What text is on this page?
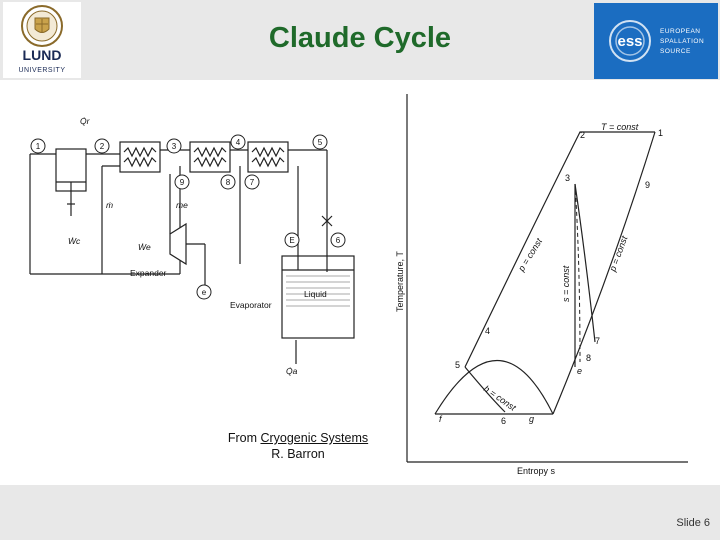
LUND
UNIVERSITY
Claude Cycle	ess
EUROPEAN
SPALLATION
SOURCE
1	2	3	4	5
9	8 7
E	6
e
Expander
Evaporator
Liquid
Q̇r
Ẇc
Ẇe
Q̇a
ṁ	ṁe
1
2
3
4
5
6
7
8
9
e
f	g
T = const
p = const	p = const
s = const
h = const
Entropy s
Temperature, T
From Cryogenic Systems
R. Barron
Slide 6
